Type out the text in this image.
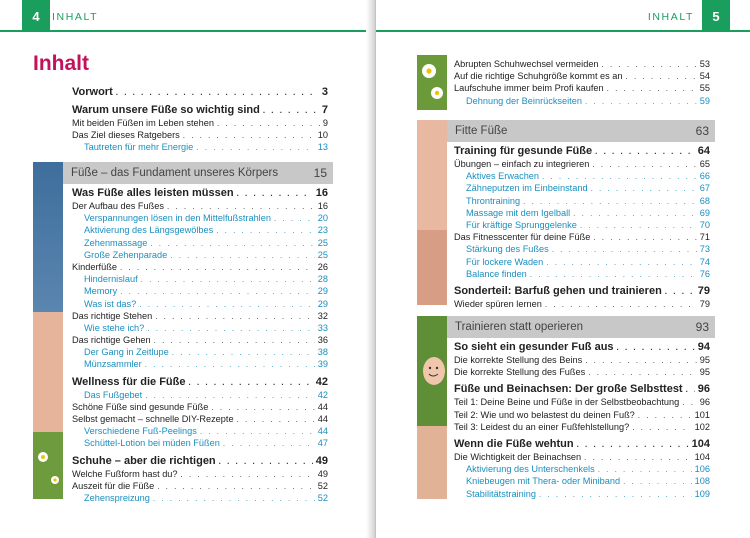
4	INHALT
Inhalt
Vorwort . . .	3
Warum unsere Füße so wichtig sind . . .	7
Mit beiden Füßen im Leben stehen . . .	9
Das Ziel dieses Ratgebers . . .	10
Tautreten für mehr Energie . . .	13
Füße – das Fundament unseres Körpers	15
Was Füße alles leisten müssen . . .	16
Der Aufbau des Fußes . . .	16
Verspannungen lösen in den Mittelfußstrahlen . . .	20
Aktivierung des Längsgewölbes . . .	23
Zehenmassage . . .	25
Große Zehenparade . . .	25
Kinderfüße . . .	26
Hindernislauf . . .	28
Memory . . .	29
Was ist das? . . .	29
Das richtige Stehen . . .	32
Wie stehe ich? . . .	33
Das richtige Gehen . . .	36
Der Gang in Zeitlupe . . .	38
Münzsammler . . .	39
Wellness für die Füße . . .	42
Das Fußgebet . . .	42
Schöne Füße sind gesunde Füße . . .	44
Selbst gemacht – schnelle DIY-Rezepte . . .	44
Verschiedene Fuß-Peelings . . .	44
Schüttel-Lotion bei müden Füßen . . .	47
Schuhe – aber die richtigen . . .	49
Welche Fußform hast du? . . .	49
Auszeit für die Füße . . .	52
Zehenspreizung . . .	52
INHALT	5
Abrupten Schuhwechsel vermeiden . . .	53
Auf die richtige Schuhgröße kommt es an . . .	54
Laufschuhe immer beim Profi kaufen . . .	55
Dehnung der Beinrückseiten . . .	59
Fitte Füße	63
Training für gesunde Füße . . .	64
Übungen – einfach zu integrieren . . .	65
Aktives Erwachen . . .	66
Zähneputzen im Einbeinstand . . .	67
Throntraining . . .	68
Massage mit dem Igelball . . .	69
Für kräftige Sprunggelenke . . .	70
Das Fitnesscenter für deine Füße . . .	71
Stärkung des Fußes . . .	73
Für lockere Waden . . .	74
Balance finden . . .	76
Sonderteil: Barfuß gehen und trainieren . . .	79
Wieder spüren lernen . . .	79
Trainieren statt operieren	93
So sieht ein gesunder Fuß aus . . .	94
Die korrekte Stellung des Beins . . .	95
Die korrekte Stellung des Fußes . . .	95
Füße und Beinachsen: Der große Selbsttest . . . 96
Teil 1: Deine Beine und Füße in der Selbstbeobachtung . . . 96
Teil 2: Wie und wo belastest du deinen Fuß? . . .	101
Teil 3: Leidest du an einer Fußfehlstellung? . . .	102
Wenn die Füße wehtun . . .	104
Die Wichtigkeit der Beinachsen . . .	104
Aktivierung des Unterschenkels . . .	106
Kniebeugen mit Thera- oder Miniband . . .	108
Stabilitätstraining . . .	109
